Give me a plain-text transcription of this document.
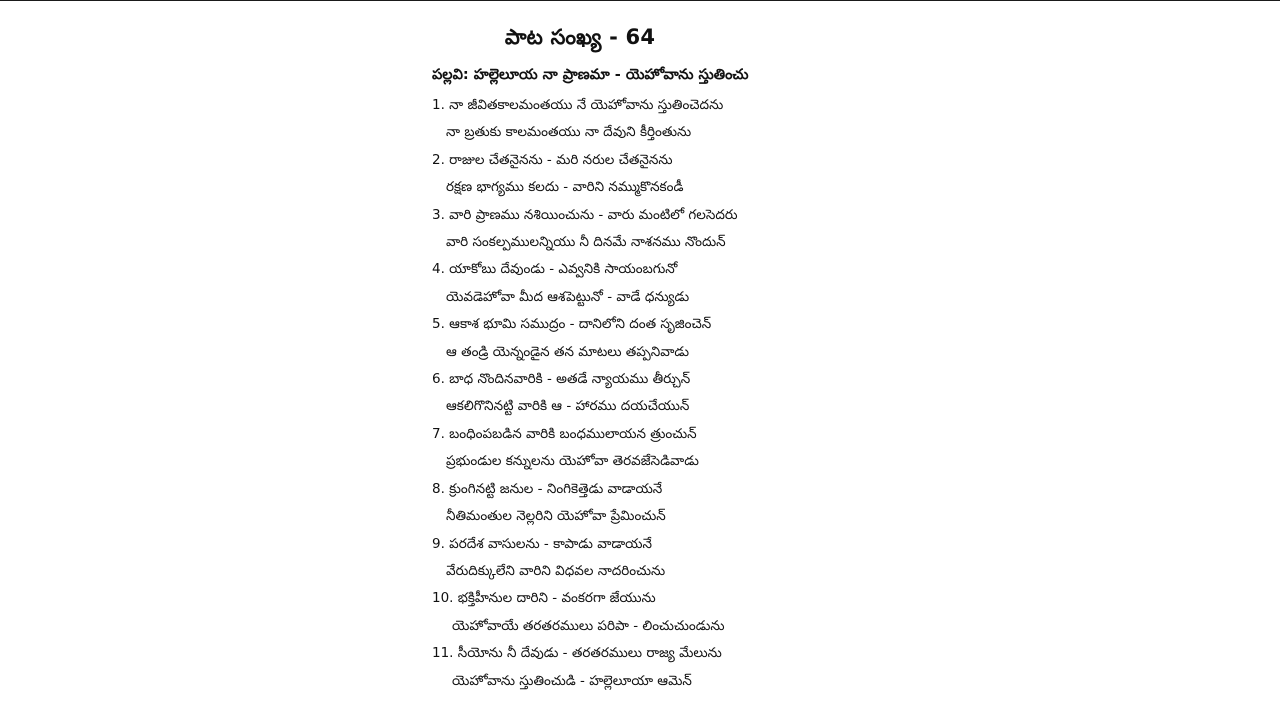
పాట సంఖ్య - 64
పల్లవి: హల్లెలూయ నా ప్రాణమా - యెహోవాను స్తుతించు
1. నా జీవితకాలమంతయు నే యెహోవాను స్తుతించెదను
నా బ్రతుకు కాలమంతయు నా దేవుని కీర్తింతును
2. రాజుల చేతనైనను - మరి నరుల చేతనైనను
రక్షణ భాగ్యము కలదు - వారిని నమ్ముకొనకండీ
3. వారి ప్రాణము నశియించును - వారు మంటిలో గలసెదరు
వారి సంకల్పములన్నియు నీ దినమే నాశనము నొందున్
4. యాకోబు దేవుండు - ఎవ్వనికి సాయంబగునో
యెవడెహోవా మీద ఆశపెట్టునో - వాడే ధన్యుడు
5. ఆకాశ భూమి సముద్రం - దానిలోని దంత సృజించెన్
ఆ తండ్రి యెన్నండైన తన మాటలు తప్పనివాడు
6. బాధ నొందినవారికి - అతడే న్యాయము తీర్చున్
ఆకలిగొనినట్టి వారికి ఆ - హారము దయచేయున్
7. బంధింపబడిన వారికి బంధములాయన త్రుంచున్
ప్రభుండుల కన్నులను యెహోవా తెరవజేసెడివాడు
8. క్రుంగినట్టి జనుల - నింగికెత్తెడు వాడాయనే
నీతిమంతుల నెల్లరిని యెహోవా ప్రేమించున్
9. పరదేశ వాసులను - కాపాడు వాడాయనే
వేరుదిక్కులేని వారిని విధవల నాదరించును
10. భక్తిహీనుల దారిని - వంకరగా జేయును
యెహోవాయే తరతరములు పరిపా - లించుచుండును
11. సీయోను నీ దేవుడు - తరతరములు రాజ్య మేలును
యెహోవాను స్తుతించుడి - హల్లెలూయా ఆమెన్
